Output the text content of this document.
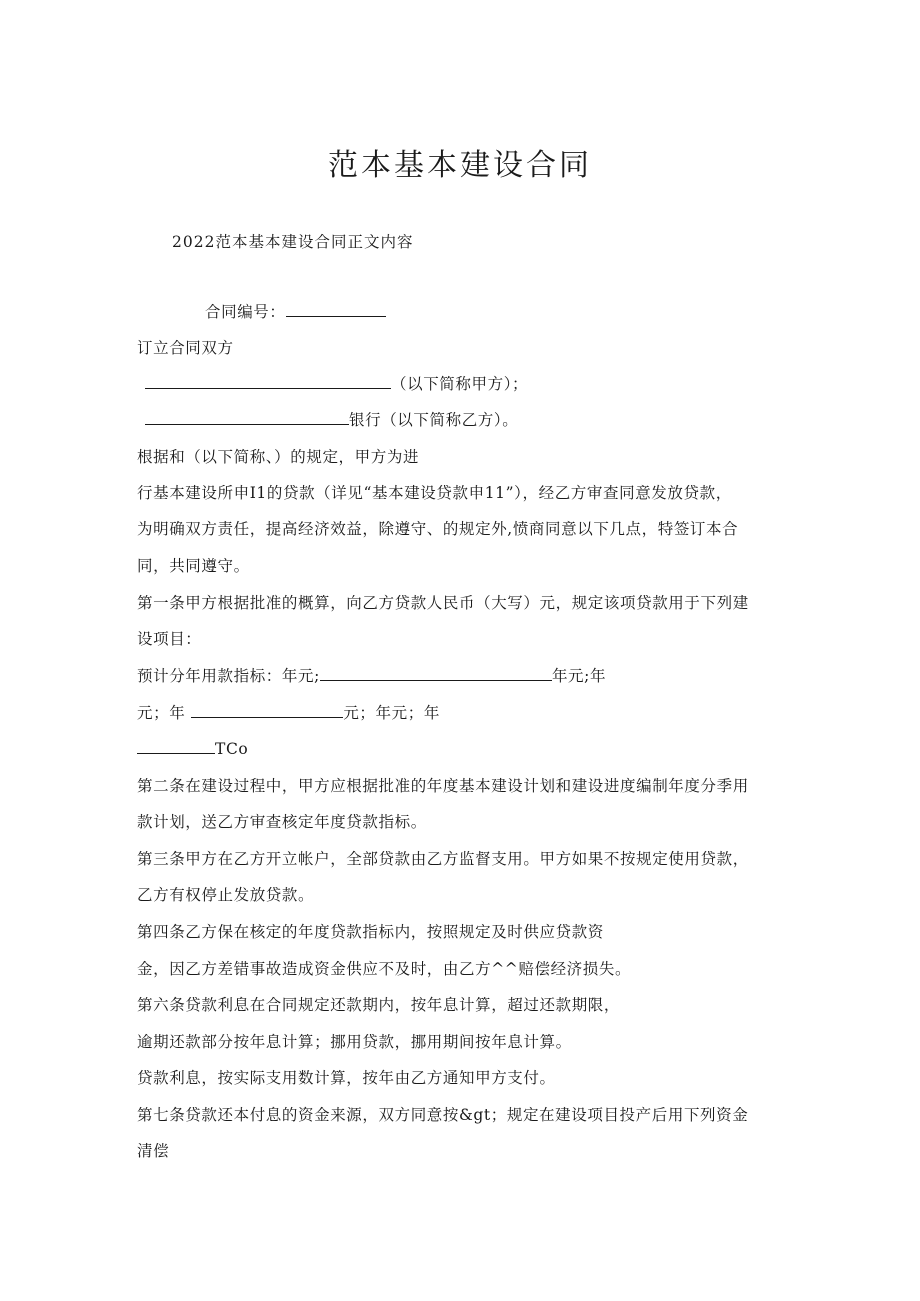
范本基本建设合同

2022范本基本建设合同正文内容

合同编号：

订立合同双方

（以下简称甲方）；

银行（以下简称乙方）。

根据和（以下简称、）的规定，甲方为进

行基本建设所申I1的贷款（详见“基本建设贷款申11”），经乙方审查同意发放贷款，

为明确双方责任，提高经济效益，除遵守、的规定外,愤商同意以下几点，特签订本合

同，共同遵守。

第一条甲方根据批准的概算，向乙方贷款人民币（大写）元，规定该项贷款用于下列建

设项目：

预计分年用款指标：年元;	年元;年

元；年	元；年元；年

TCo

第二条在建设过程中，甲方应根据批准的年度基本建设计划和建设进度编制年度分季用

款计划，送乙方审查核定年度贷款指标。

第三条甲方在乙方开立帐户，全部贷款由乙方监督支用。甲方如果不按规定使用贷款，

乙方有权停止发放贷款。

第四条乙方保在核定的年度贷款指标内，按照规定及时供应贷款资

金，因乙方差错事故造成资金供应不及时，由乙方^^赔偿经济损失。

第六条贷款利息在合同规定还款期内，按年息计算，超过还款期限，

逾期还款部分按年息计算；挪用贷款，挪用期间按年息计算。

贷款利息，按实际支用数计算，按年由乙方通知甲方支付。

第七条贷款还本付息的资金来源，双方同意按&gt；规定在建设项目投产后用下列资金

清偿
